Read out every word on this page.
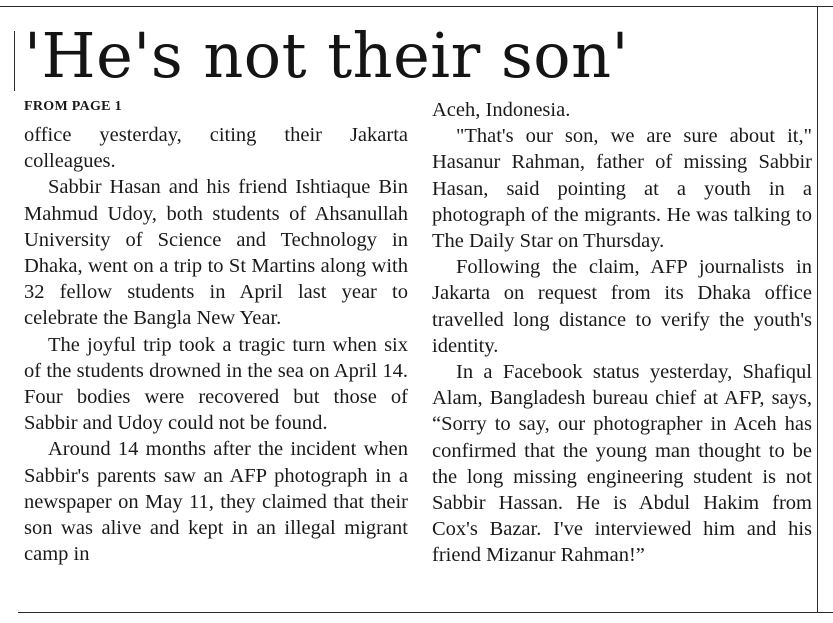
'He's not their son'
FROM PAGE 1

office yesterday, citing their Jakarta colleagues.

Sabbir Hasan and his friend Ishtiaque Bin Mahmud Udoy, both students of Ahsanullah University of Science and Technology in Dhaka, went on a trip to St Martins along with 32 fellow students in April last year to celebrate the Bangla New Year.

The joyful trip took a tragic turn when six of the students drowned in the sea on April 14. Four bodies were recovered but those of Sabbir and Udoy could not be found.

Around 14 months after the incident when Sabbir's parents saw an AFP photograph in a newspaper on May 11, they claimed that their son was alive and kept in an illegal migrant camp in

Aceh, Indonesia.

"That's our son, we are sure about it," Hasanur Rahman, father of missing Sabbir Hasan, said pointing at a youth in a photograph of the migrants. He was talking to The Daily Star on Thursday.

Following the claim, AFP journalists in Jakarta on request from its Dhaka office travelled long distance to verify the youth's identity.

In a Facebook status yesterday, Shafiqul Alam, Bangladesh bureau chief at AFP, says, “Sorry to say, our photographer in Aceh has confirmed that the young man thought to be the long missing engineering student is not Sabbir Hassan. He is Abdul Hakim from Cox's Bazar. I've interviewed him and his friend Mizanur Rahman!”
